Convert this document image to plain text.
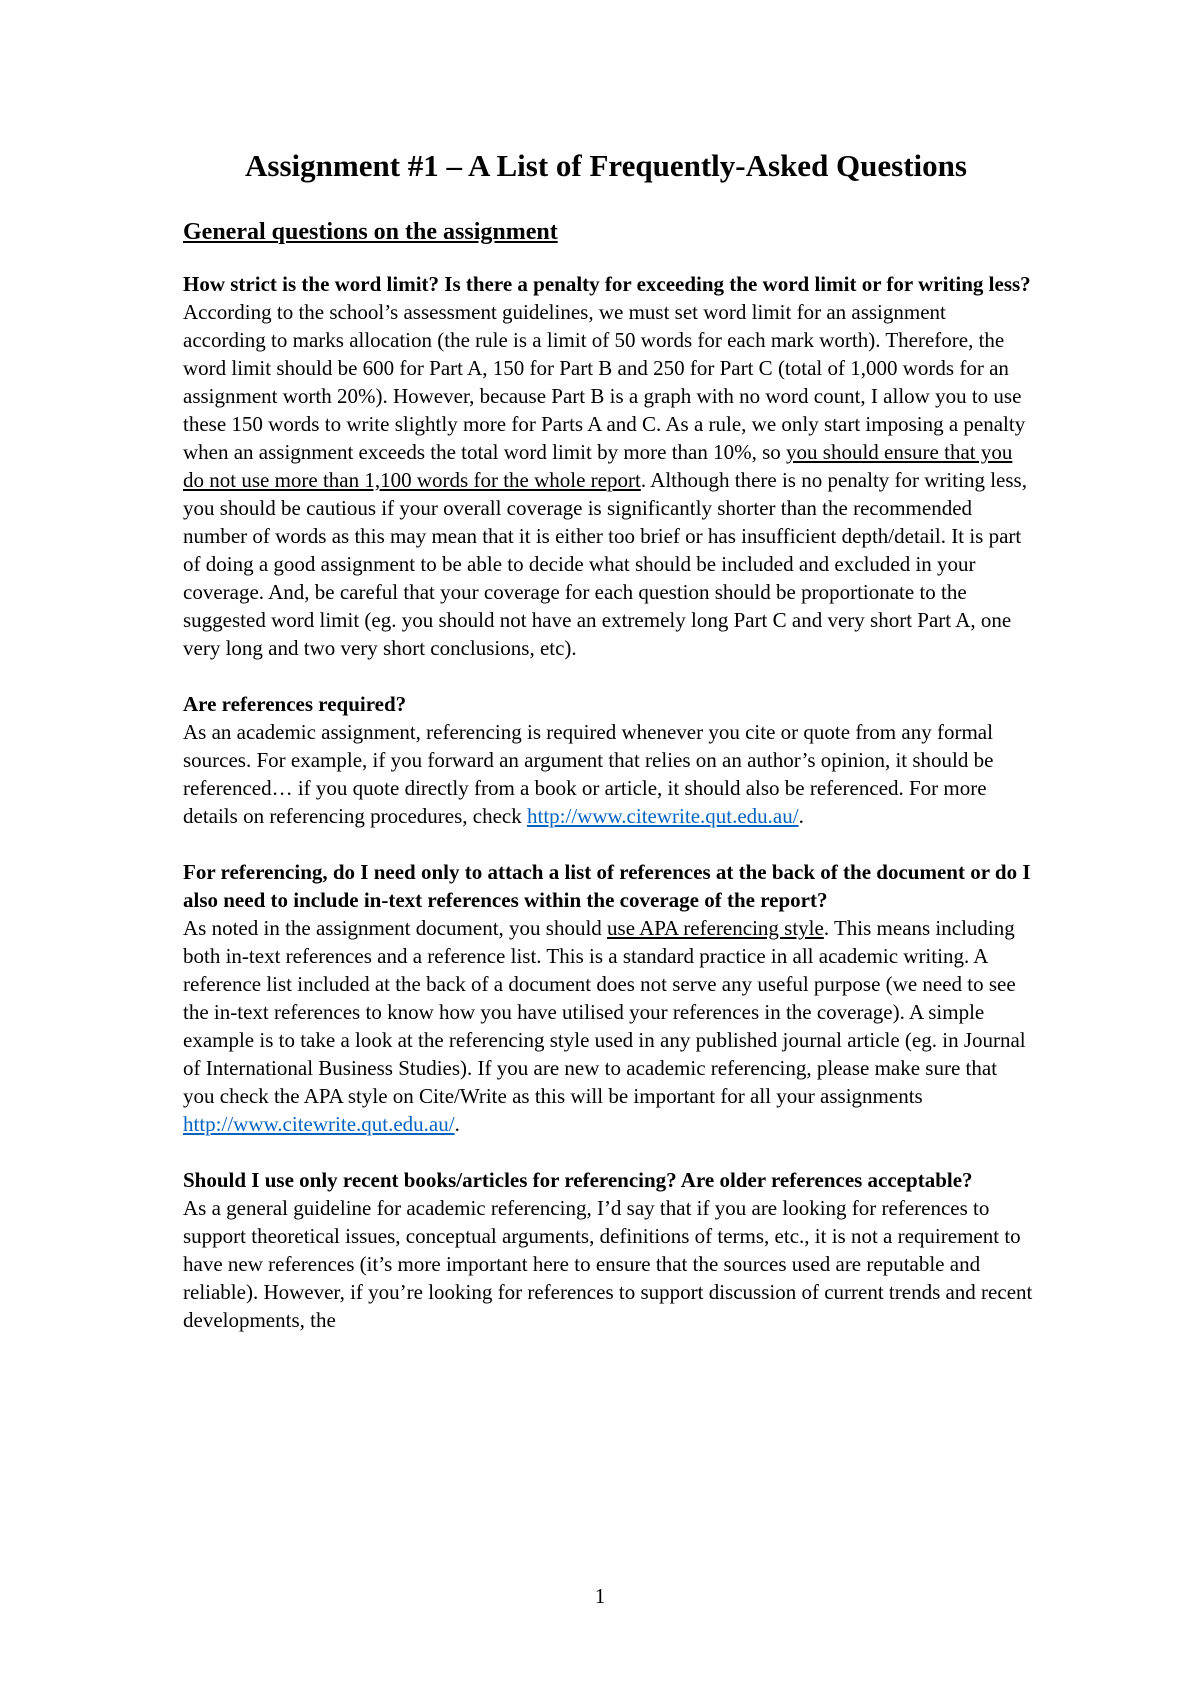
Assignment #1 – A List of Frequently-Asked Questions
General questions on the assignment

How strict is the word limit? Is there a penalty for exceeding the word limit or for writing less?

According to the school’s assessment guidelines, we must set word limit for an assignment according to marks allocation (the rule is a limit of 50 words for each mark worth). Therefore, the word limit should be 600 for Part A, 150 for Part B and 250 for Part C (total of 1,000 words for an assignment worth 20%). However, because Part B is a graph with no word count, I allow you to use these 150 words to write slightly more for Parts A and C. As a rule, we only start imposing a penalty when an assignment exceeds the total word limit by more than 10%, so you should ensure that you do not use more than 1,100 words for the whole report. Although there is no penalty for writing less, you should be cautious if your overall coverage is significantly shorter than the recommended number of words as this may mean that it is either too brief or has insufficient depth/detail. It is part of doing a good assignment to be able to decide what should be included and excluded in your coverage. And, be careful that your coverage for each question should be proportionate to the suggested word limit (eg. you should not have an extremely long Part C and very short Part A, one very long and two very short conclusions, etc).

Are references required?

As an academic assignment, referencing is required whenever you cite or quote from any formal sources. For example, if you forward an argument that relies on an author’s opinion, it should be referenced… if you quote directly from a book or article, it should also be referenced. For more details on referencing procedures, check http://www.citewrite.qut.edu.au/.

For referencing, do I need only to attach a list of references at the back of the document or do I also need to include in-text references within the coverage of the report?

As noted in the assignment document, you should use APA referencing style. This means including both in-text references and a reference list. This is a standard practice in all academic writing. A reference list included at the back of a document does not serve any useful purpose (we need to see the in-text references to know how you have utilised your references in the coverage). A simple example is to take a look at the referencing style used in any published journal article (eg. in Journal of International Business Studies). If you are new to academic referencing, please make sure that you check the APA style on Cite/Write as this will be important for all your assignments http://www.citewrite.qut.edu.au/.

Should I use only recent books/articles for referencing? Are older references acceptable?

As a general guideline for academic referencing, I’d say that if you are looking for references to support theoretical issues, conceptual arguments, definitions of terms, etc., it is not a requirement to have new references (it’s more important here to ensure that the sources used are reputable and reliable). However, if you’re looking for references to support discussion of current trends and recent developments, the

1
